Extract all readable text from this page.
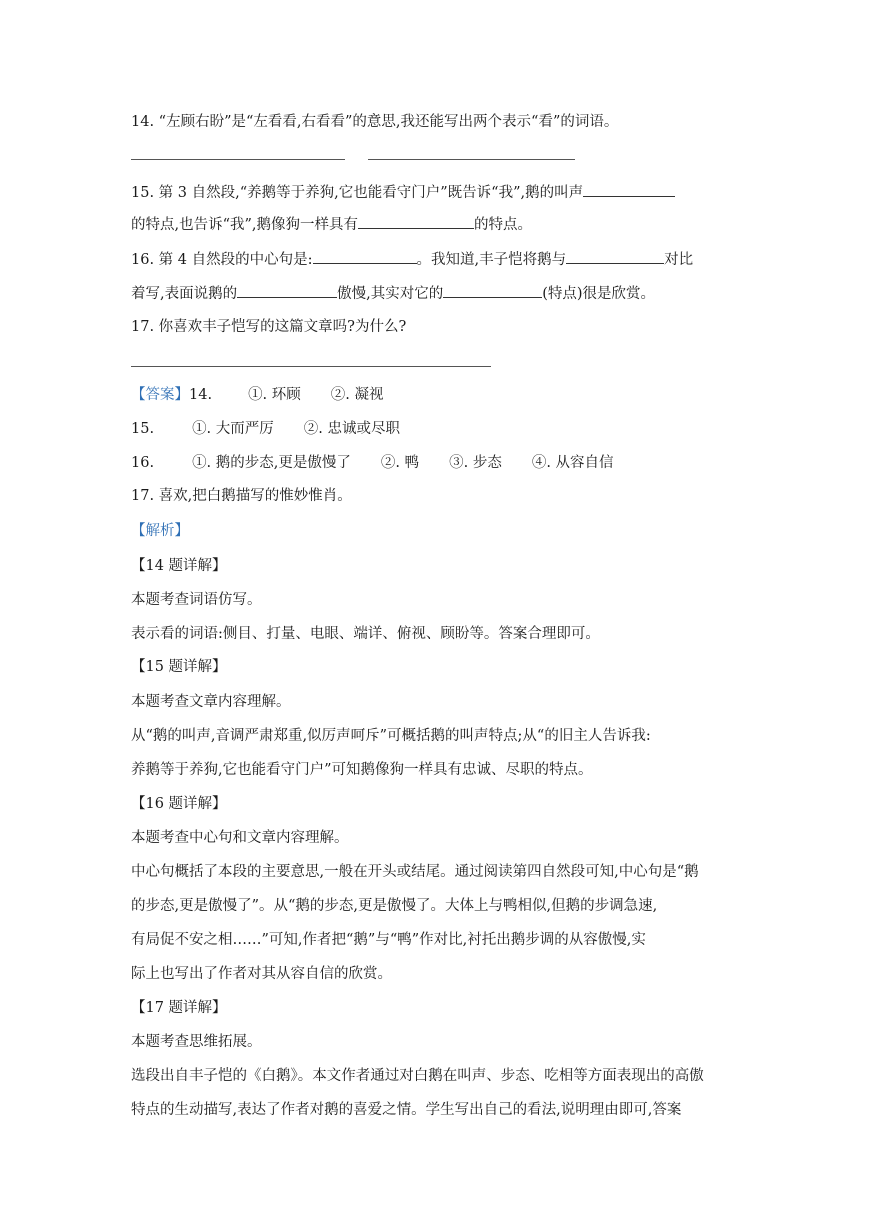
14. “左顾右盼”是“左看看,右看看”的意思,我还能写出两个表示“看”的词语。
15. 第 3 自然段,“养鹅等于养狗,它也能看守门户”既告诉“我”,鹅的叫声
的特点,也告诉“我”,鹅像狗一样具有	的特点。
16. 第 4 自然段的中心句是:	。我知道,丰子恺将鹅与	对比
着写,表面说鹅的	傲慢,其实对它的	(特点)很是欣赏。
17. 你喜欢丰子恺写的这篇文章吗?为什么?
【答案】14. ①. 环顾 ②. 凝视
15.	①. 大而严厉 ②. 忠诚或尽职
16.	①. 鹅的步态,更是傲慢了 ②. 鸭 ③. 步态 ④. 从容自信
17. 喜欢,把白鹅描写的惟妙惟肖。
【解析】
【14 题详解】
本题考查词语仿写。
表示看的词语:侧目、打量、电眼、端详、俯视、顾盼等。答案合理即可。
【15 题详解】
本题考查文章内容理解。
从“鹅的叫声,音调严肃郑重,似厉声呵斥”可概括鹅的叫声特点;从“的旧主人告诉我:
养鹅等于养狗,它也能看守门户”可知鹅像狗一样具有忠诚、尽职的特点。
【16 题详解】
本题考查中心句和文章内容理解。
中心句概括了本段的主要意思,一般在开头或结尾。通过阅读第四自然段可知,中心句是“鹅
的步态,更是傲慢了”。从“鹅的步态,更是傲慢了。大体上与鸭相似,但鹅的步调急速,
有局促不安之相……”可知,作者把“鹅”与“鸭”作对比,衬托出鹅步调的从容傲慢,实
际上也写出了作者对其从容自信的欣赏。
【17 题详解】
本题考查思维拓展。
选段出自丰子恺的《白鹅》。本文作者通过对白鹅在叫声、步态、吃相等方面表现出的高傲
特点的生动描写,表达了作者对鹅的喜爱之情。学生写出自己的看法,说明理由即可,答案
